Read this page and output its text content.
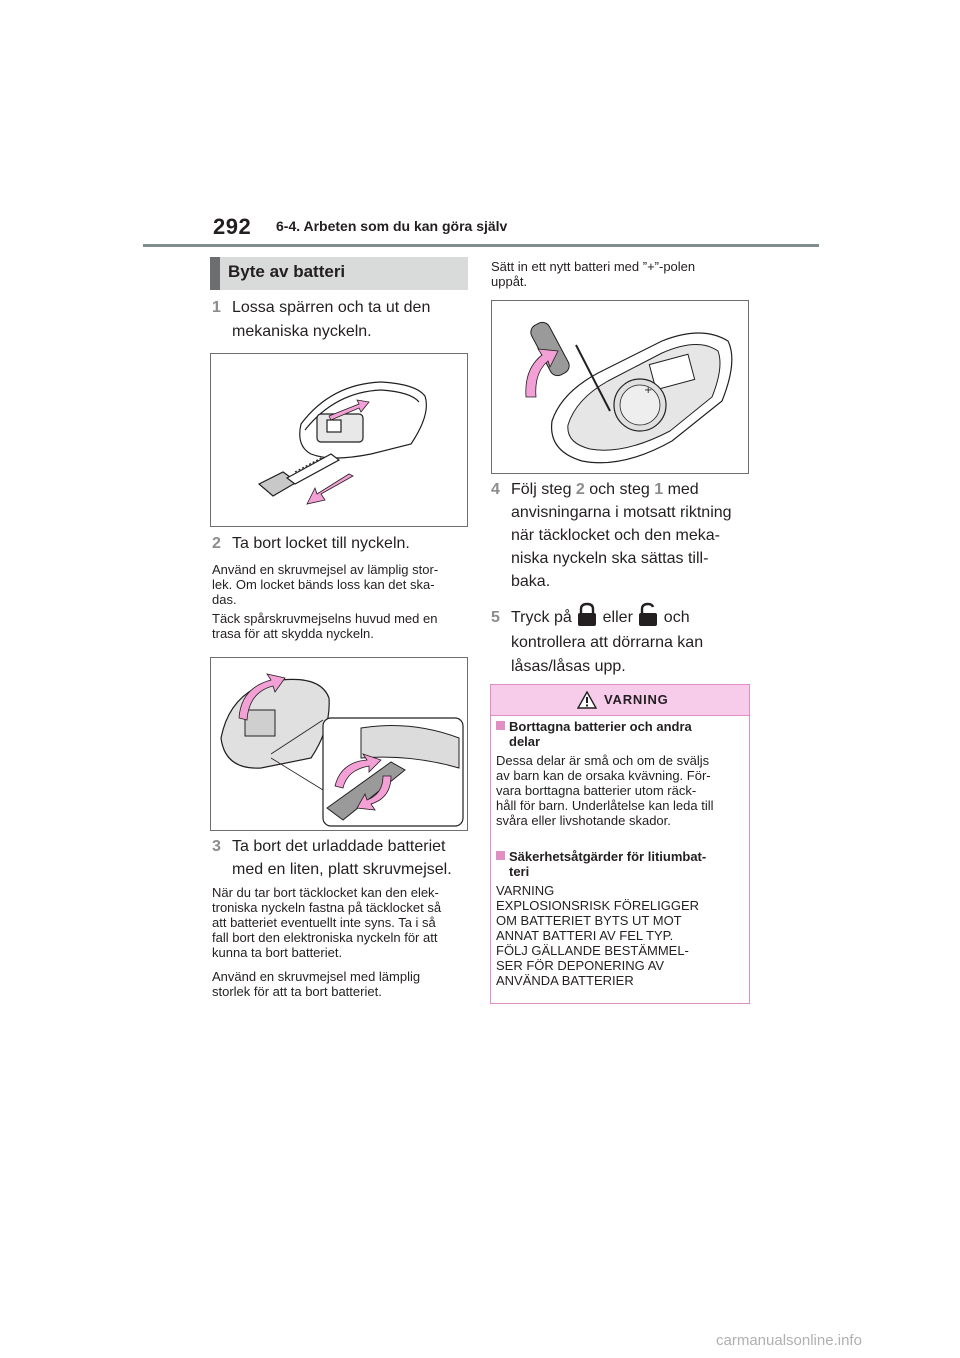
292 6-4. Arbeten som du kan göra själv
Byte av batteri
1 Lossa spärren och ta ut den
mekaniska nyckeln.
2 Ta bort locket till nyckeln.
Använd en skruvmejsel av lämplig stor-
lek. Om locket bänds loss kan det ska-
das.
Täck spårskruvmejselns huvud med en
trasa för att skydda nyckeln.
3 Ta bort det urladdade batteriet
med en liten, platt skruvmejsel.
När du tar bort täcklocket kan den elek-
troniska nyckeln fastna på täcklocket så
att batteriet eventuellt inte syns. Ta i så
fall bort den elektroniska nyckeln för att
kunna ta bort batteriet.
Använd en skruvmejsel med lämplig
storlek för att ta bort batteriet.
Sätt in ett nytt batteri med ”+”-polen
uppåt.
+
4 Följ steg 2 och steg 1 med
anvisningarna i motsatt riktning
när täcklocket och den meka-
niska nyckeln ska sättas till-
baka.
5 Tryck på eller och
kontrollera att dörrarna kan
låsas/låsas upp.
VARNING
Borttagna batterier och andra
delar
Dessa delar är små och om de sväljs
av barn kan de orsaka kvävning. För-
vara borttagna batterier utom räck-
håll för barn. Underlåtelse kan leda till
svåra eller livshotande skador.
Säkerhetsåtgärder för litiumbat-
teri
VARNING
EXPLOSIONSRISK FÖRELIGGER
OM BATTERIET BYTS UT MOT
ANNAT BATTERI AV FEL TYP.
FÖLJ GÄLLANDE BESTÄMMEL-
SER FÖR DEPONERING AV
ANVÄNDA BATTERIER
carmanualsonline.info
